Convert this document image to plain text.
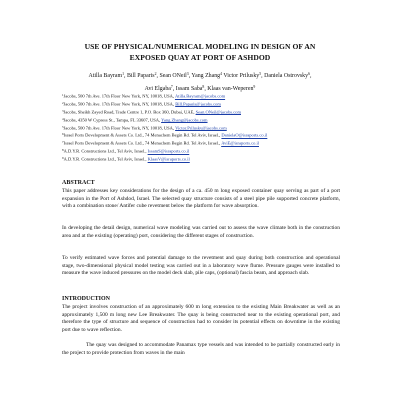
USE OF PHYSICAL/NUMERICAL MODELING IN DESIGN OF AN
EXPOSED QUAY AT PORT OF ASHDOD
Atilla Bayram$^1$, Bill Paparis$^2$, Sean ONeil$^3$, Yang Zhang$^4$ Victor Prilusky$^5$, Daniela Ostrovsky$^6$,
Avi Elgaba$^7$, Issam Saba$^8$, Klaas van-Weperen$^9$
$^1$Jacobs, 500 7th Ave. 17th Floor New York, NY, 10018, USA, Atilla.Bayram@jacobs.com
$^2$Jacobs, 500 7th Ave. 17th Floor New York, NY, 10018, USA, Bill.Paparis@jacobs.com
$^3$Jacobs, Sheikh Zayed Road, Trade Centre 1, P.O. Box 360, Dubai, UAE, Sean.ONeil@jacobs.com
$^4$Jacobs, 4350 W Cypress St., Tampa, FL 33607, USA, Yang.Zhang@jacobs.com
$^5$Jacobs, 500 7th Ave. 17th Floor New York, NY, 10018, USA, Victor.Prilusky@jacobs.com
$^6$Israel Ports Development & Assets Co. Ltd., 74 Menachem Begin Rd. Tel Aviv, Israel., DanielaO@israports.co.il
$^7$Israel Ports Development & Assets Co. Ltd., 74 Menachem Begin Rd. Tel Aviv, Israel., AviE@israports.co.il
$^8$A.D.Y.R. Constructions Ltd., Tel Aviv, Israel., IssamS@israports.co.il
$^9$A.D.Y.R. Constructions Ltd., Tel Aviv, Israel., KlaasV@israports.co.il
ABSTRACT
This paper addresses key considerations for the design of a ca. 450 m long exposed container quay serving as part of a port expansion in the Port of Ashdod, Israel. The selected quay structure consists of a steel pipe pile supported concrete platform, with a combination stone/ Antifer cube revetment below the platform for wave absorption.
In developing the detail design, numerical wave modeling was carried out to assess the wave climate both in the construction area and at the existing (operating) port, considering the different stages of construction.
To verify estimated wave forces and potential damage to the revetment and quay during both construction and operational stage, two-dimensional physical model testing was carried out in a laboratory wave flume. Pressure gauges were installed to measure the wave induced pressures on the model deck slab, pile caps, (optional) fascia beam, and approach slab.
INTRODUCTION
The project involves construction of an approximately 600 m long extension to the existing Main Breakwater as well as an approximately 1,500 m long new Lee Breakwater. The quay is being constructed near to the existing operational port, and therefore the type of structure and sequence of construction had to consider its potential effects on downtime in the existing port due to wave reflection.
The quay was designed to accommodate Panamax type vessels and was intended to be partially constructed early in the project to provide protection from waves in the main
